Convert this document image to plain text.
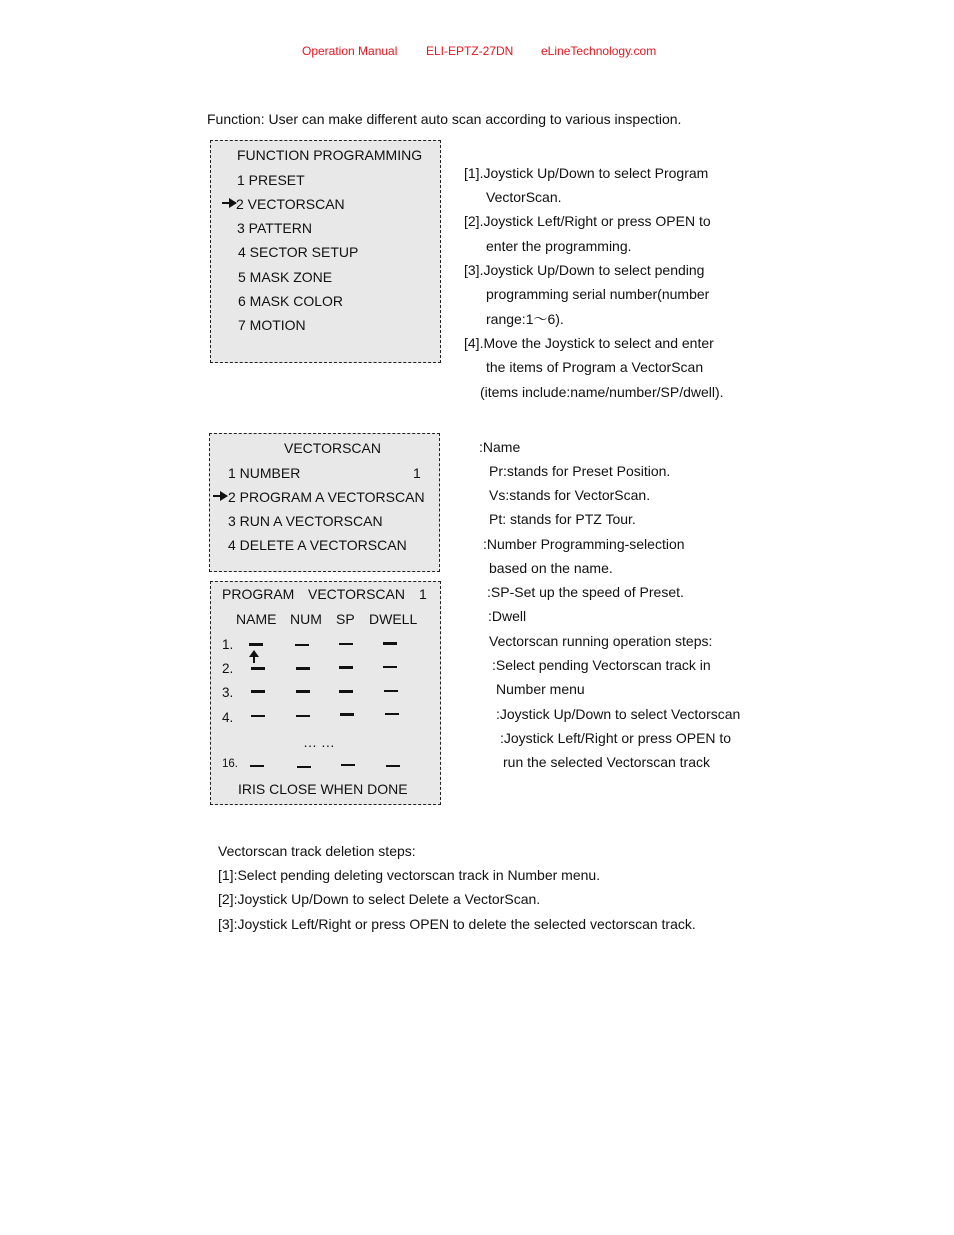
Operation Manual ELI-EPTZ-27DN eLineTechnology.com
Function: User can make different auto scan according to various inspection.
FUNCTION PROGRAMMING
1 PRESET
2 VECTORSCAN
3 PATTERN
4 SECTOR SETUP
5 MASK ZONE
6 MASK COLOR
7 MOTION
[1].Joystick Up/Down to select Program
VectorScan.
[2].Joystick Left/Right or press OPEN to
enter the programming.
[3].Joystick Up/Down to select pending
programming serial number(number
range:1～6).
[4].Move the Joystick to select and enter
the items of Program a VectorScan
(items include:name/number/SP/dwell).
VECTORSCAN
1 NUMBER	1
2 PROGRAM A VECTORSCAN
3 RUN A VECTORSCAN
4 DELETE A VECTORSCAN
PROGRAM VECTORSCAN 1
NAME NUM SP DWELL
1.
2.
3.
4.
… …
16.
IRIS CLOSE WHEN DONE
:Name
Pr:stands for Preset Position.
Vs:stands for VectorScan.
Pt: stands for PTZ Tour.
:Number Programming-selection
based on the name.
:SP-Set up the speed of Preset.
:Dwell
Vectorscan running operation steps:
:Select pending Vectorscan track in
Number menu
:Joystick Up/Down to select Vectorscan
:Joystick Left/Right or press OPEN to
run the selected Vectorscan track
Vectorscan track deletion steps:
[1]:Select pending deleting vectorscan track in Number menu.
[2]:Joystick Up/Down to select Delete a VectorScan.
[3]:Joystick Left/Right or press OPEN to delete the selected vectorscan track.
